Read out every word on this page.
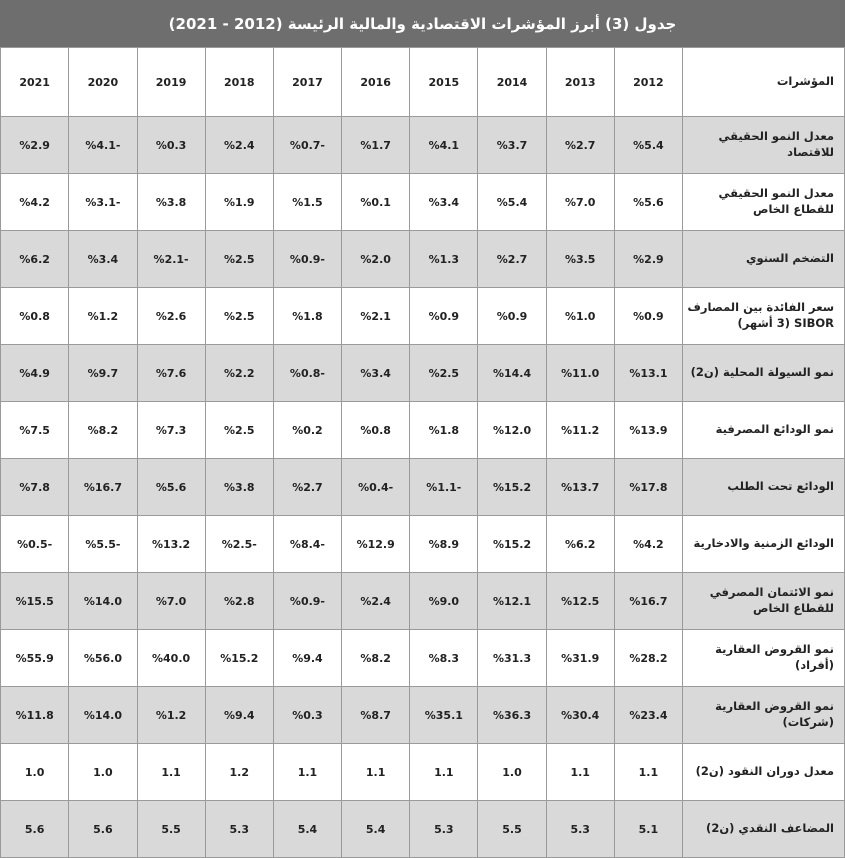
جدول (3) أبرز المؤشرات الاقتصادية والمالية الرئيسة (2012 - 2021)
المؤشرات	2012	2013	2014	2015	2016	2017	2018	2019	2020	2021
معدل النمو الحقيقي للاقتصاد	%5.4	%2.7	%3.7	%4.1	%1.7	%0.7-	%2.4	%0.3	%4.1-	%2.9
معدل النمو الحقيقي للقطاع الخاص	%5.6	%7.0	%5.4	%3.4	%0.1	%1.5	%1.9	%3.8	%3.1-	%4.2
التضخم السنوي	%2.9	%3.5	%2.7	%1.3	%2.0	%0.9-	%2.5	%2.1-	%3.4	%6.2
سعر الفائدة بين المصارف SIBOR (3 أشهر)	%0.9	%1.0	%0.9	%0.9	%2.1	%1.8	%2.5	%2.6	%1.2	%0.8
نمو السيولة المحلية (ن2)	%13.1	%11.0	%14.4	%2.5	%3.4	%0.8-	%2.2	%7.6	%9.7	%4.9
نمو الودائع المصرفية	%13.9	%11.2	%12.0	%1.8	%0.8	%0.2	%2.5	%7.3	%8.2	%7.5
الودائع تحت الطلب	%17.8	%13.7	%15.2	%1.1-	%0.4-	%2.7	%3.8	%5.6	%16.7	%7.8
الودائع الزمنية والادخارية	%4.2	%6.2	%15.2	%8.9	%12.9	%8.4-	%2.5-	%13.2	%5.5-	%0.5-
نمو الائتمان المصرفي للقطاع الخاص	%16.7	%12.5	%12.1	%9.0	%2.4	%0.9-	%2.8	%7.0	%14.0	%15.5
نمو القروض العقارية (أفراد)	%28.2	%31.9	%31.3	%8.3	%8.2	%9.4	%15.2	%40.0	%56.0	%55.9
نمو القروض العقارية (شركات)	%23.4	%30.4	%36.3	%35.1	%8.7	%0.3	%9.4	%1.2	%14.0	%11.8
معدل دوران النقود (ن2)	1.1	1.1	1.0	1.1	1.1	1.1	1.2	1.1	1.0	1.0
المضاعف النقدي (ن2)	5.1	5.3	5.5	5.3	5.4	5.4	5.3	5.5	5.6	5.6
